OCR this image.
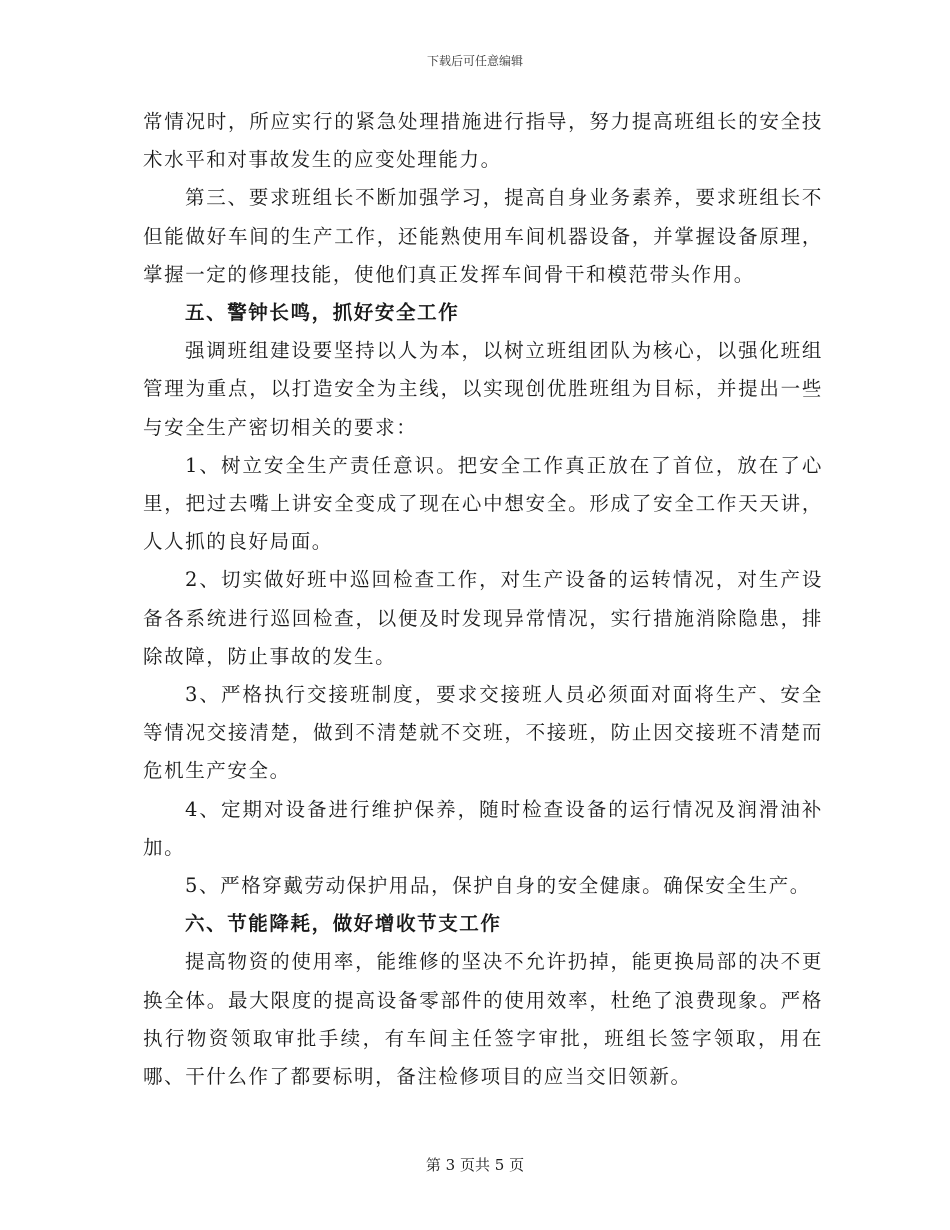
下载后可任意编辑

常情况时，所应实行的紧急处理措施进行指导，努力提高班组长的安全技术水平和对事故发生的应变处理能力。

第三、要求班组长不断加强学习，提高自身业务素养，要求班组长不但能做好车间的生产工作，还能熟使用车间机器设备，并掌握设备原理，掌握一定的修理技能，使他们真正发挥车间骨干和模范带头作用。

五、警钟长鸣，抓好安全工作

强调班组建设要坚持以人为本，以树立班组团队为核心，以强化班组管理为重点，以打造安全为主线，以实现创优胜班组为目标，并提出一些与安全生产密切相关的要求：

1、树立安全生产责任意识。把安全工作真正放在了首位，放在了心里，把过去嘴上讲安全变成了现在心中想安全。形成了安全工作天天讲，人人抓的良好局面。

2、切实做好班中巡回检查工作，对生产设备的运转情况，对生产设备各系统进行巡回检查，以便及时发现异常情况，实行措施消除隐患，排除故障，防止事故的发生。

3、严格执行交接班制度，要求交接班人员必须面对面将生产、安全等情况交接清楚，做到不清楚就不交班，不接班，防止因交接班不清楚而危机生产安全。

4、定期对设备进行维护保养，随时检查设备的运行情况及润滑油补加。

5、严格穿戴劳动保护用品，保护自身的安全健康。确保安全生产。

六、节能降耗，做好增收节支工作

提高物资的使用率，能维修的坚决不允许扔掉，能更换局部的决不更换全体。最大限度的提高设备零部件的使用效率，杜绝了浪费现象。严格执行物资领取审批手续，有车间主任签字审批，班组长签字领取，用在哪、干什么作了都要标明，备注检修项目的应当交旧领新。

第 3 页共 5 页
